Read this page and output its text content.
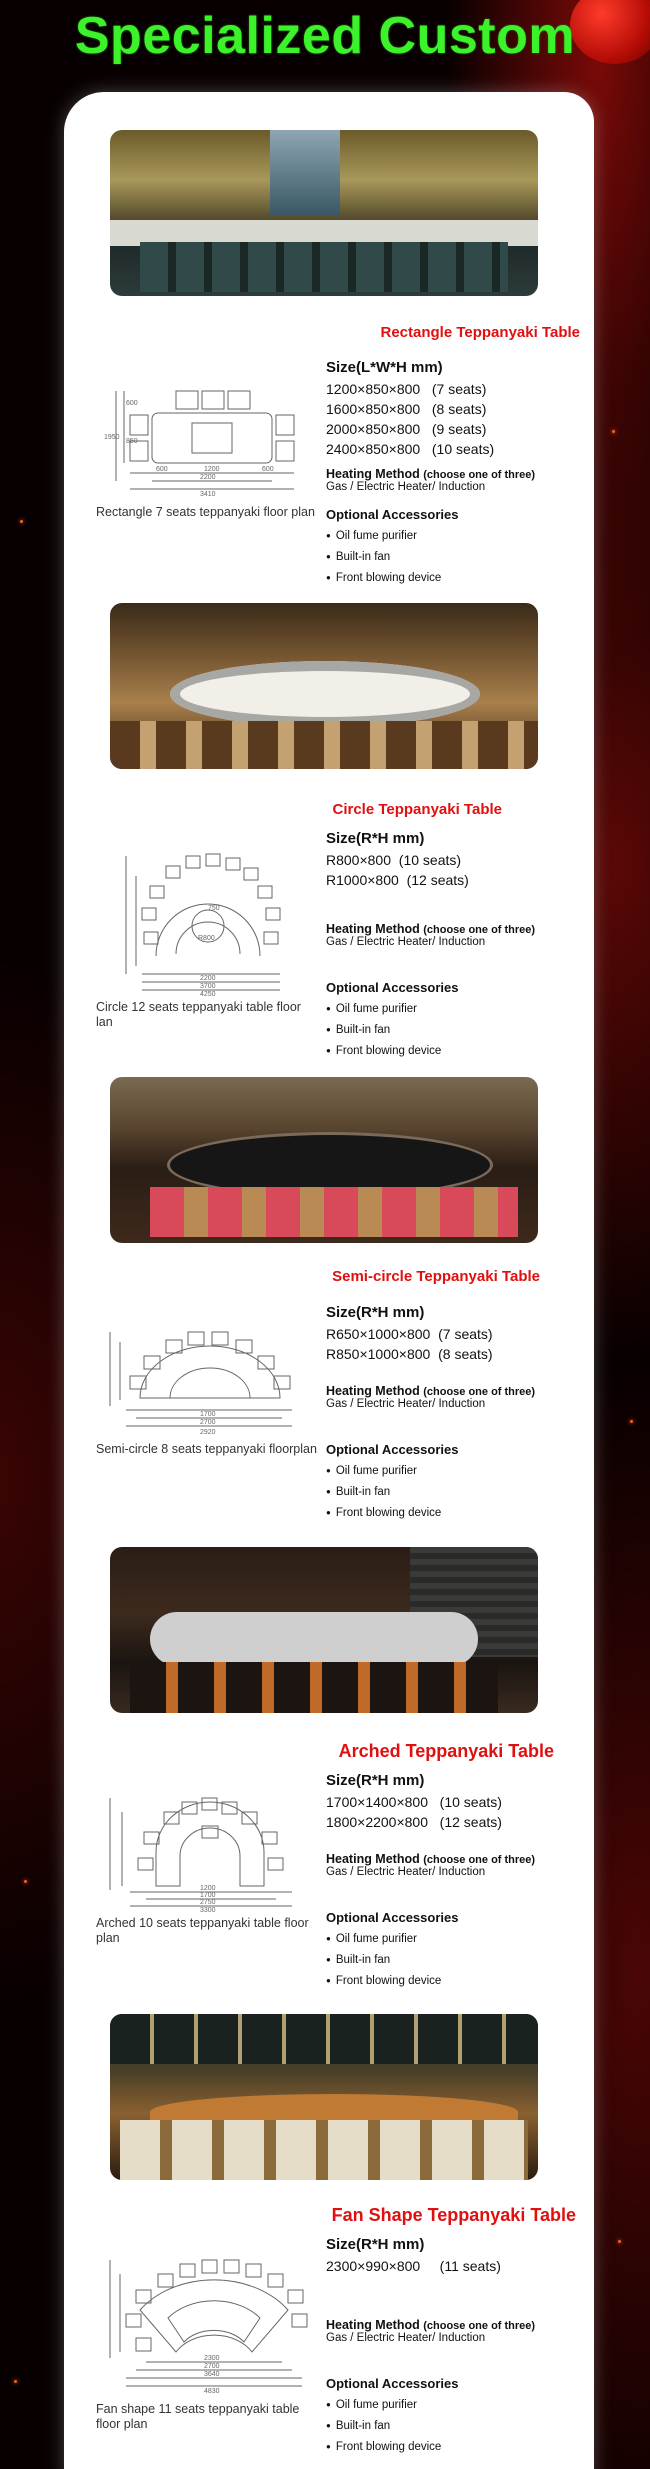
Specialized Custom
Rectangle Teppanyaki Table
600	1200	600
2200
3410
600
1950
850
Rectangle 7 seats teppanyaki floor plan
Size(L*W*H mm)
1200×850×800 (7 seats)
1600×850×800 (8 seats)
2000×850×800 (9 seats)
2400×850×800 (10 seats)
Heating Method (choose one of three)
Gas / Electric Heater/ Induction
Optional Accessories
● Oil fume purifier
● Built-in fan
● Front blowing device
Circle Teppanyaki Table
R800
750
2200
3700
4250
Circle 12 seats teppanyaki table floor lan
Size(R*H mm)
R800×800 (10 seats)
R1000×800 (12 seats)
Heating Method (choose one of three)
Gas / Electric Heater/ Induction
Optional Accessories
● Oil fume purifier
● Built-in fan
● Front blowing device
Semi-circle Teppanyaki Table
1700
2700
2920
Semi-circle 8 seats teppanyaki floorplan
Size(R*H mm)
R650×1000×800 (7 seats)
R850×1000×800 (8 seats)
Heating Method (choose one of three)
Gas / Electric Heater/ Induction
Optional Accessories
● Oil fume purifier
● Built-in fan
● Front blowing device
Arched Teppanyaki Table
1200
1700
2750
3300
Arched 10 seats teppanyaki table floor plan
Size(R*H mm)
1700×1400×800 (10 seats)
1800×2200×800 (12 seats)
Heating Method (choose one of three)
Gas / Electric Heater/ Induction
Optional Accessories
● Oil fume purifier
● Built-in fan
● Front blowing device
Fan Shape Teppanyaki Table
2300
2700
3640
4830
Fan shape 11 seats teppanyaki table floor plan
Size(R*H mm)
2300×990×800 (11 seats)
Heating Method (choose one of three)
Gas / Electric Heater/ Induction
Optional Accessories
● Oil fume purifier
● Built-in fan
● Front blowing device
